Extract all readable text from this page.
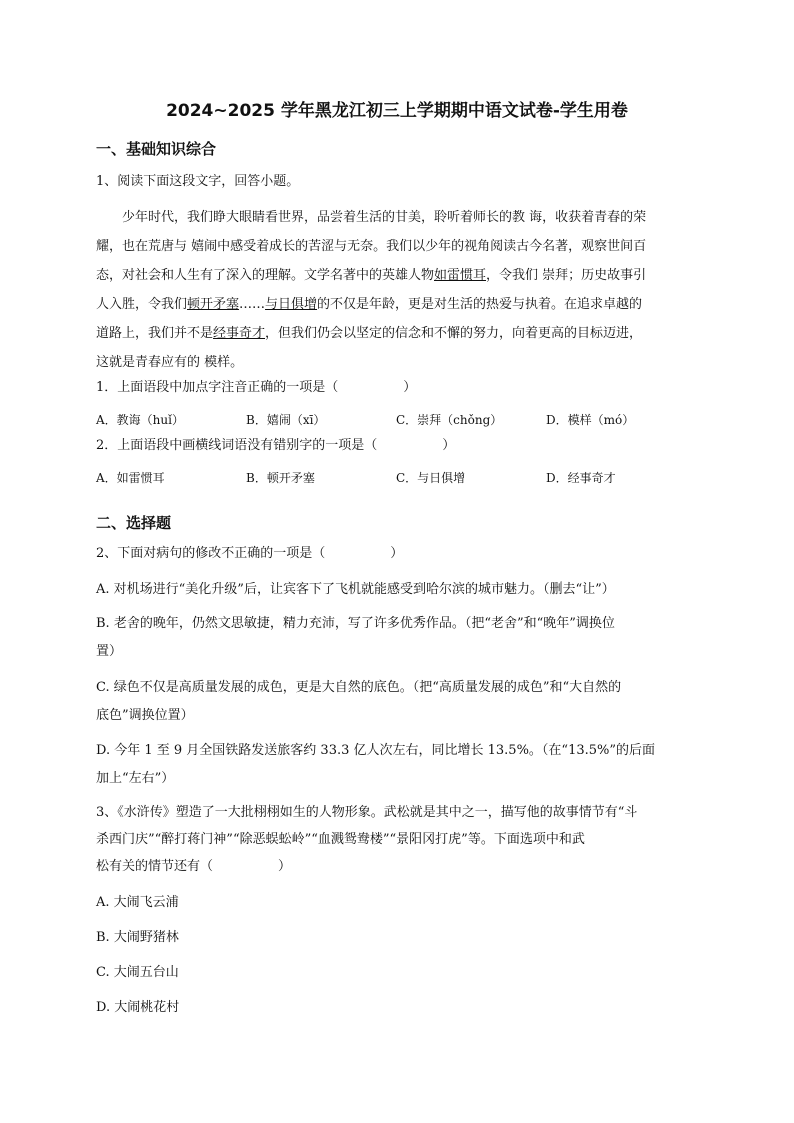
2024~2025 学年黑龙江初三上学期期中语文试卷-学生用卷
一、基础知识综合
1、阅读下面这段文字，回答小题。
少年时代，我们睁大眼睛看世界，品尝着生活的甘美，聆听着师长的教 诲，收获着青春的荣
耀，也在荒唐与 嬉闹中感受着成长的苦涩与无奈。我们以少年的视角阅读古今名著，观察世间百
态，对社会和人生有了深入的理解。文学名著中的英雄人物如雷惯耳，令我们 崇拜；历史故事引
人入胜，令我们顿开矛塞……与日俱增的不仅是年龄，更是对生活的热爱与执着。在追求卓越的
道路上，我们并不是经事奇才，但我们仍会以坚定的信念和不懈的努力，向着更高的目标迈进，
这就是青春应有的 模样。
1．上面语段中加点字注音正确的一项是（　　　　　）
A．教诲（huǐ）	B．嬉闹（xī）	C．崇拜（chǒng）	D．模样（mó）
2．上面语段中画横线词语没有错别字的一项是（　　　　　）
A．如雷惯耳	B．顿开矛塞	C．与日俱增	D．经事奇才
二、选择题
2、下面对病句的修改不正确的一项是（　　　　　）
A. 对机场进行“美化升级”后，让宾客下了飞机就能感受到哈尔滨的城市魅力。（删去“让”）
B. 老舍的晚年，仍然文思敏捷，精力充沛，写了许多优秀作品。（把“老舍”和“晚年”调换位
置）
C. 绿色不仅是高质量发展的成色，更是大自然的底色。（把“高质量发展的成色”和“大自然的
底色”调换位置）
D. 今年 1 至 9 月全国铁路发送旅客约 33.3 亿人次左右，同比增长 13.5%。（在“13.5%”的后面
加上“左右”）
3、《水浒传》塑造了一大批栩栩如生的人物形象。武松就是其中之一，描写他的故事情节有“斗
杀西门庆”“醉打蒋门神”“除恶蜈蚣岭”“血溅鸳鸯楼”“景阳冈打虎”等。下面选项中和武
松有关的情节还有（　　　　　）
A. 大闹飞云浦
B. 大闹野猪林
C. 大闹五台山
D. 大闹桃花村
